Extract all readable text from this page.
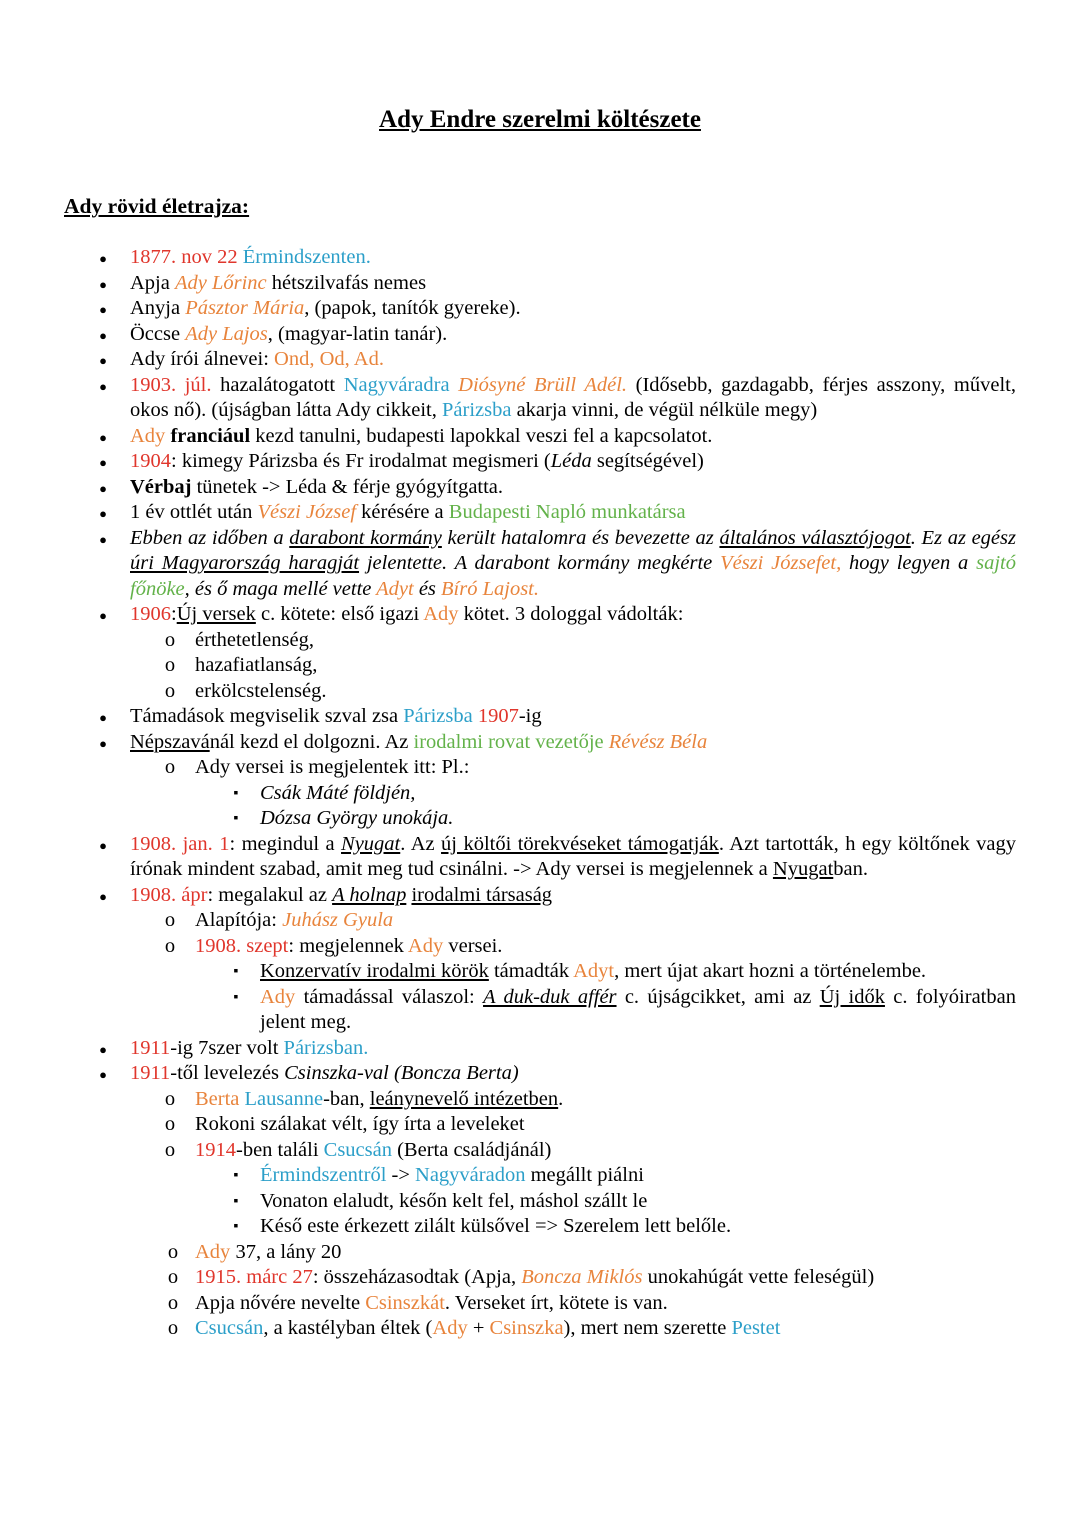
Ady Endre szerelmi költészete
Ady rövid életrajza:
●
1877. nov 22 Érmindszenten.
●
Apja Ady Lőrinc hétszilvafás nemes
●
Anyja Pásztor Mária, (papok, tanítók gyereke).
●
Öccse Ady Lajos, (magyar-latin tanár).
●
Ady írói álnevei: Ond, Od, Ad.
●
1903. júl. hazalátogatott Nagyváradra Diósyné Brüll Adél. (Idősebb, gazdagabb, férjes asszony, művelt, okos nő). (újságban látta Ady cikkeit, Párizsba akarja vinni, de végül nélküle megy)
●
Ady franciául kezd tanulni, budapesti lapokkal veszi fel a kapcsolatot.
●
1904: kimegy Párizsba és Fr irodalmat megismeri (Léda segítségével)
●
Vérbaj tünetek -> Léda & férje gyógyítgatta.
●
1 év ottlét után Vészi József kérésére a Budapesti Napló munkatársa
●
Ebben az időben a darabont kormány került hatalomra és bevezette az általános választójogot. Ez az egész úri Magyarország haragját jelentette. A darabont kormány megkérte Vészi Józsefet, hogy legyen a sajtó főnöke, és ő maga mellé vette Adyt és Bíró Lajost.
●
1906:Új versek c. kötete: első igazi Ady kötet. 3 dologgal vádolták:
o
érthetetlenség,
o
hazafiatlanság,
o
erkölcstelenség.
●
Támadások megviselik szval zsa Párizsba 1907-ig
●
Népszavánál kezd el dolgozni. Az irodalmi rovat vezetője Révész Béla
o
Ady versei is megjelentek itt: Pl.:
▪
Csák Máté földjén,
▪
Dózsa György unokája.
●
1908. jan. 1: megindul a Nyugat. Az új költői törekvéseket támogatják. Azt tartották, h egy költőnek vagy írónak mindent szabad, amit meg tud csinálni. -> Ady versei is megjelennek a Nyugatban.
●
1908. ápr: megalakul az A holnap irodalmi társaság
o
Alapítója: Juhász Gyula
o
1908. szept: megjelennek Ady versei.
▪
Konzervatív irodalmi körök támadták Adyt, mert újat akart hozni a történelembe.
▪
Ady támadással válaszol: A duk-duk affér c. újságcikket, ami az Új idők c. folyóiratban jelent meg.
●
1911-ig 7szer volt Párizsban.
●
1911-től levelezés Csinszka-val (Boncza Berta)
o
Berta Lausanne-ban, leánynevelő intézetben.
o
Rokoni szálakat vélt, így írta a leveleket
o
1914-ben találi Csucsán (Berta családjánál)
▪
Érmindszentről -> Nagyváradon megállt piálni
▪
Vonaton elaludt, későn kelt fel, máshol szállt le
▪
Késő este érkezett zilált külsővel => Szerelem lett belőle.
o
Ady 37, a lány 20
o
1915. márc 27: összeházasodtak (Apja, Boncza Miklós unokahúgát vette feleségül)
o
Apja nővére nevelte Csinszkát. Verseket írt, kötete is van.
o
Csucsán, a kastélyban éltek (Ady + Csinszka), mert nem szerette Pestet
